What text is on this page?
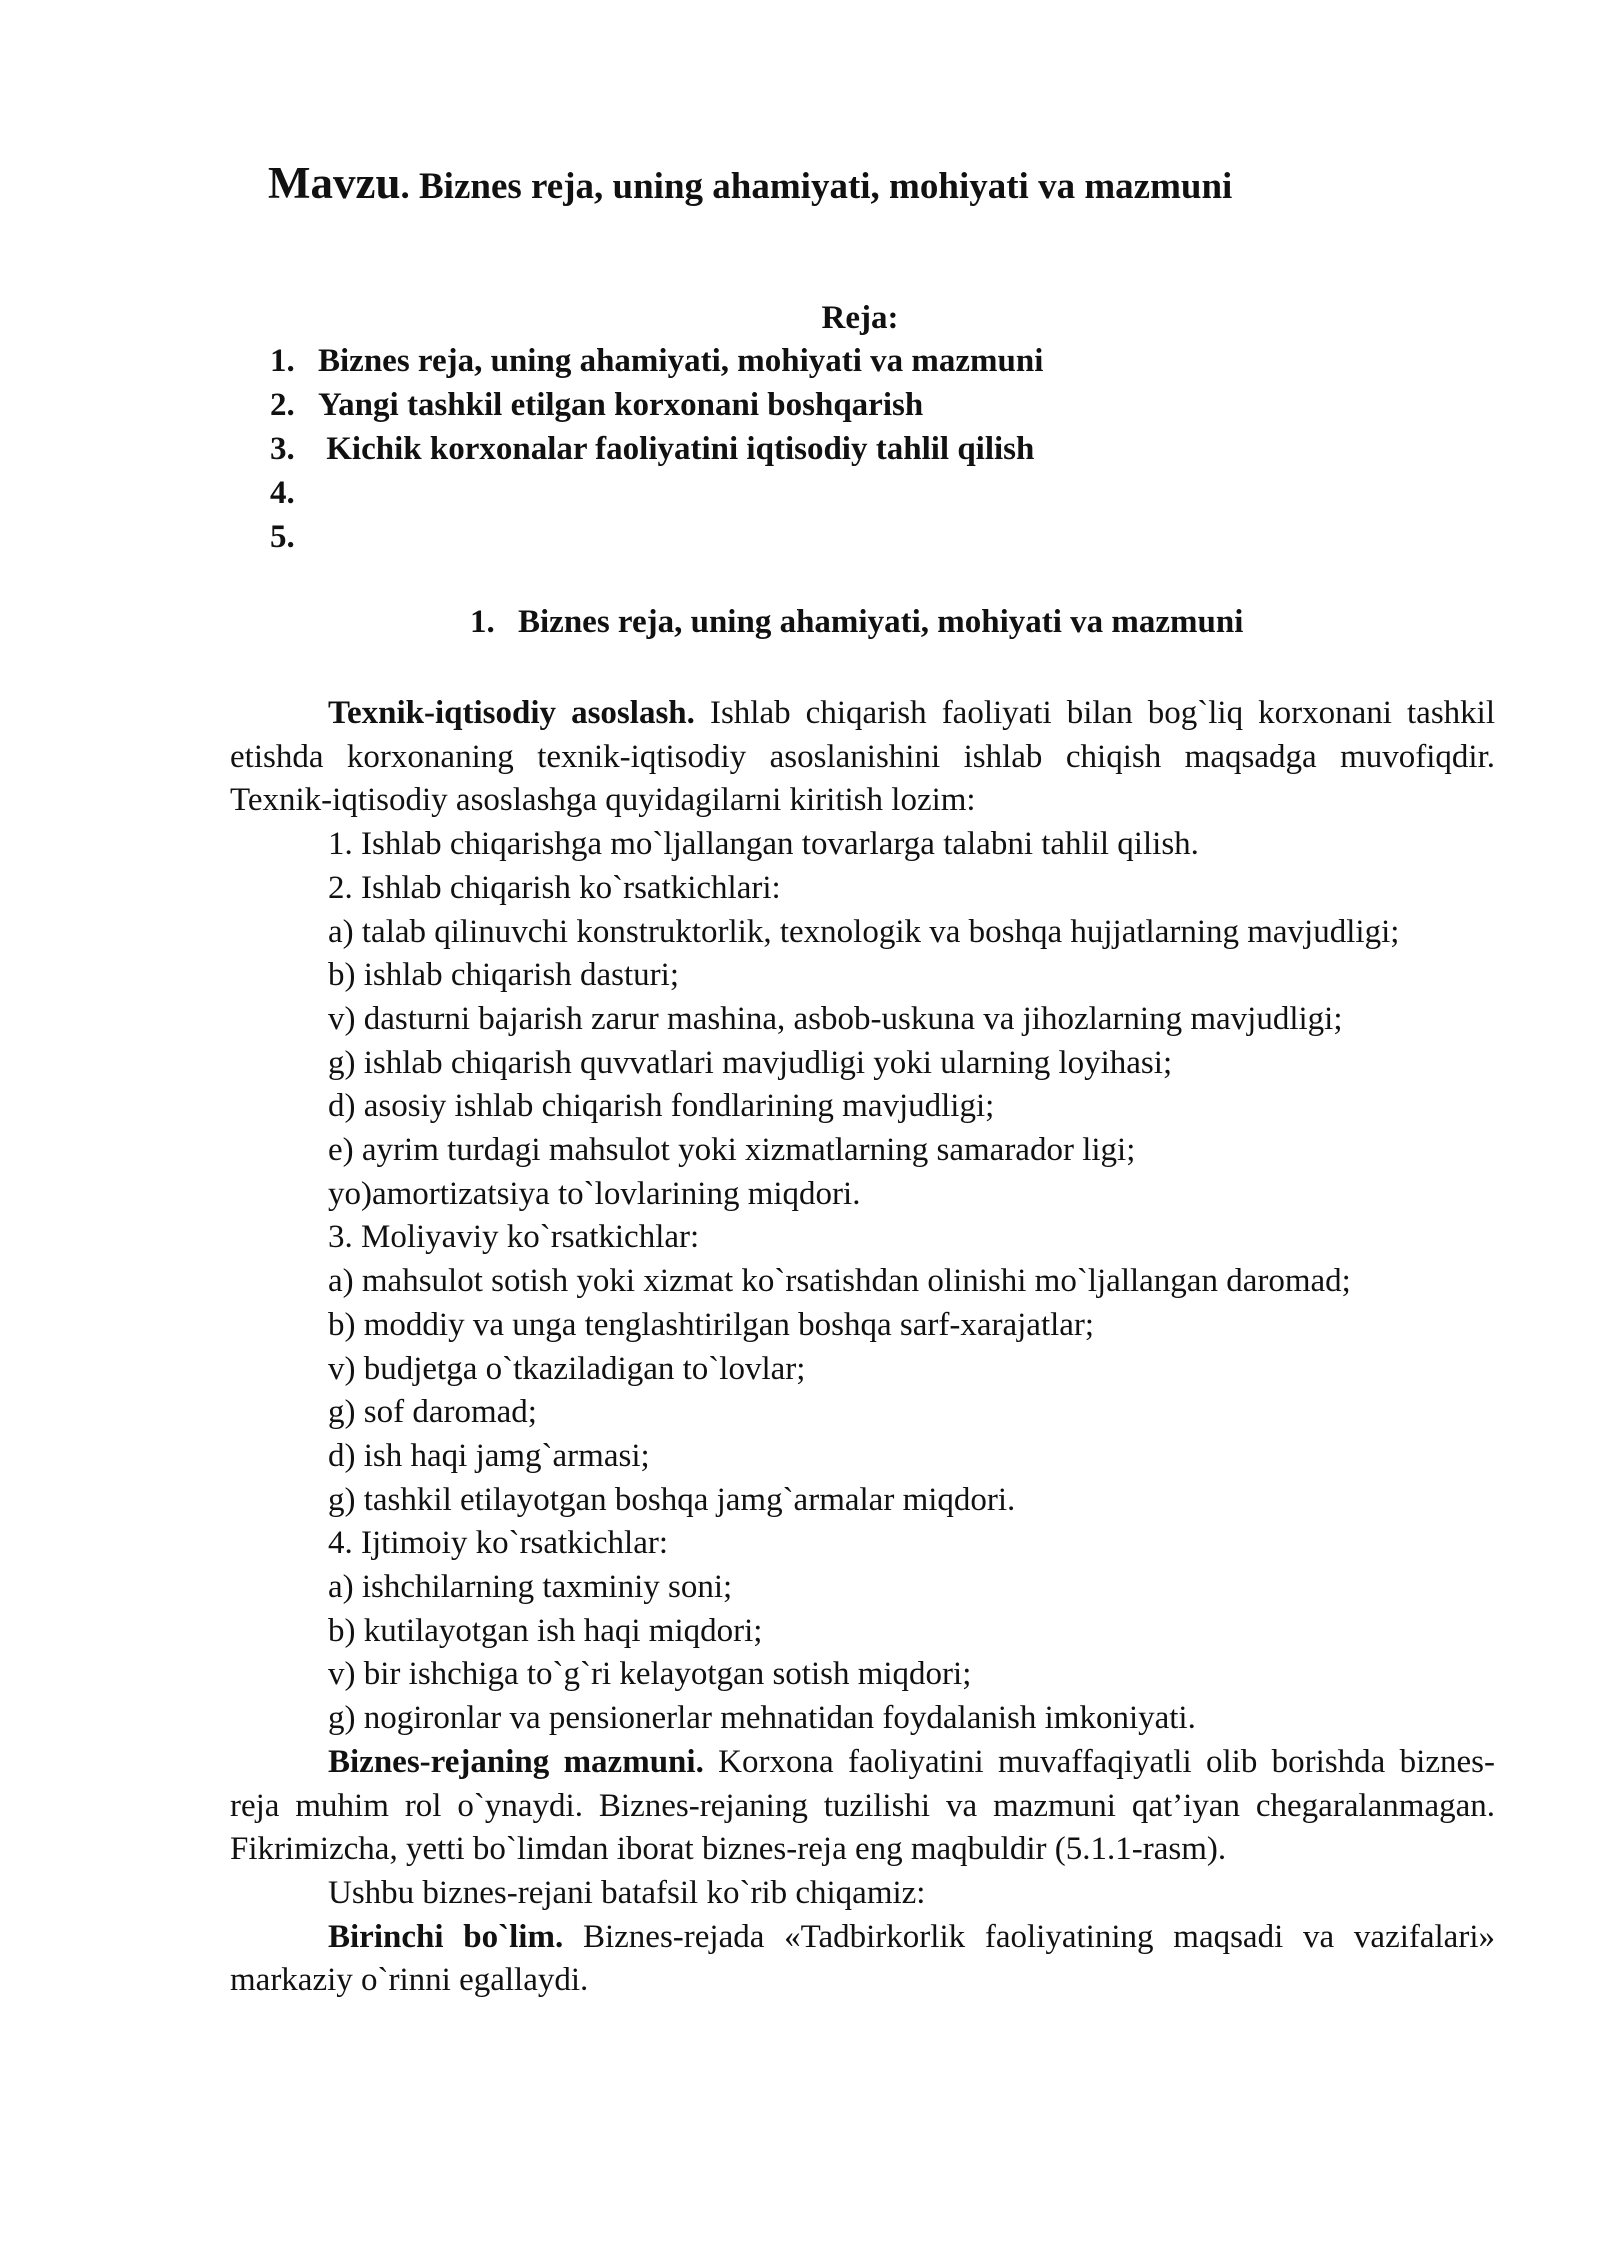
Mavzu. Biznes reja, uning ahamiyati, mohiyati va mazmuni
Reja:
1. Biznes reja, uning ahamiyati, mohiyati va mazmuni
2. Yangi tashkil etilgan korxonani boshqarish
3. Kichik korxonalar faoliyatini iqtisodiy tahlil qilish
4.
5.
1. Biznes reja, uning ahamiyati, mohiyati va mazmuni

Texnik-iqtisodiy asoslash. Ishlab chiqarish faoliyati bilan bog`liq korxonani tashkil etishda korxonaning texnik-iqtisodiy asoslanishini ishlab chiqish maqsadga muvofiqdir. Texnik-iqtisodiy asoslashga quyidagilarni kiritish lozim:

1. Ishlab chiqarishga mo`ljallangan tovarlarga talabni tahlil qilish.

2. Ishlab chiqarish ko`rsatkichlari:

a) talab qilinuvchi konstruktorlik, texnologik va boshqa hujjatlarning mavjudligi;

b) ishlab chiqarish dasturi;

v) dasturni bajarish zarur mashina, asbob-uskuna va jihozlarning mavjudligi;

g) ishlab chiqarish quvvatlari mavjudligi yoki ularning loyihasi;

d) asosiy ishlab chiqarish fondlarining mavjudligi;

e) ayrim turdagi mahsulot yoki xizmatlarning samarador ligi;

yo)amortizatsiya to`lovlarining miqdori.

3. Moliyaviy ko`rsatkichlar:

a) mahsulot sotish yoki xizmat ko`rsatishdan olinishi mo`ljallangan daromad;

b) moddiy va unga tenglashtirilgan boshqa sarf-xarajatlar;

v) budjetga o`tkaziladigan to`lovlar;

g) sof daromad;

d) ish haqi jamg`armasi;

g) tashkil etilayotgan boshqa jamg`armalar miqdori.

4. Ijtimoiy ko`rsatkichlar:

a) ishchilarning taxminiy soni;

b) kutilayotgan ish haqi miqdori;

v) bir ishchiga to`g`ri kelayotgan sotish miqdori;

g) nogironlar va pensionerlar mehnatidan foydalanish imkoniyati.

Biznes-rejaning mazmuni. Korxona faoliyatini muvaffaqiyatli olib borishda biznes-reja muhim rol o`ynaydi. Biznes-rejaning tuzilishi va mazmuni qat’iyan chegaralanmagan. Fikrimizcha, yetti bo`limdan iborat biznes-reja eng maqbuldir (5.1.1-rasm).

Ushbu biznes-rejani batafsil ko`rib chiqamiz:

Birinchi bo`lim. Biznes-rejada «Tadbirkorlik faoliyatining maqsadi va vazifalari» markaziy o`rinni egallaydi.
